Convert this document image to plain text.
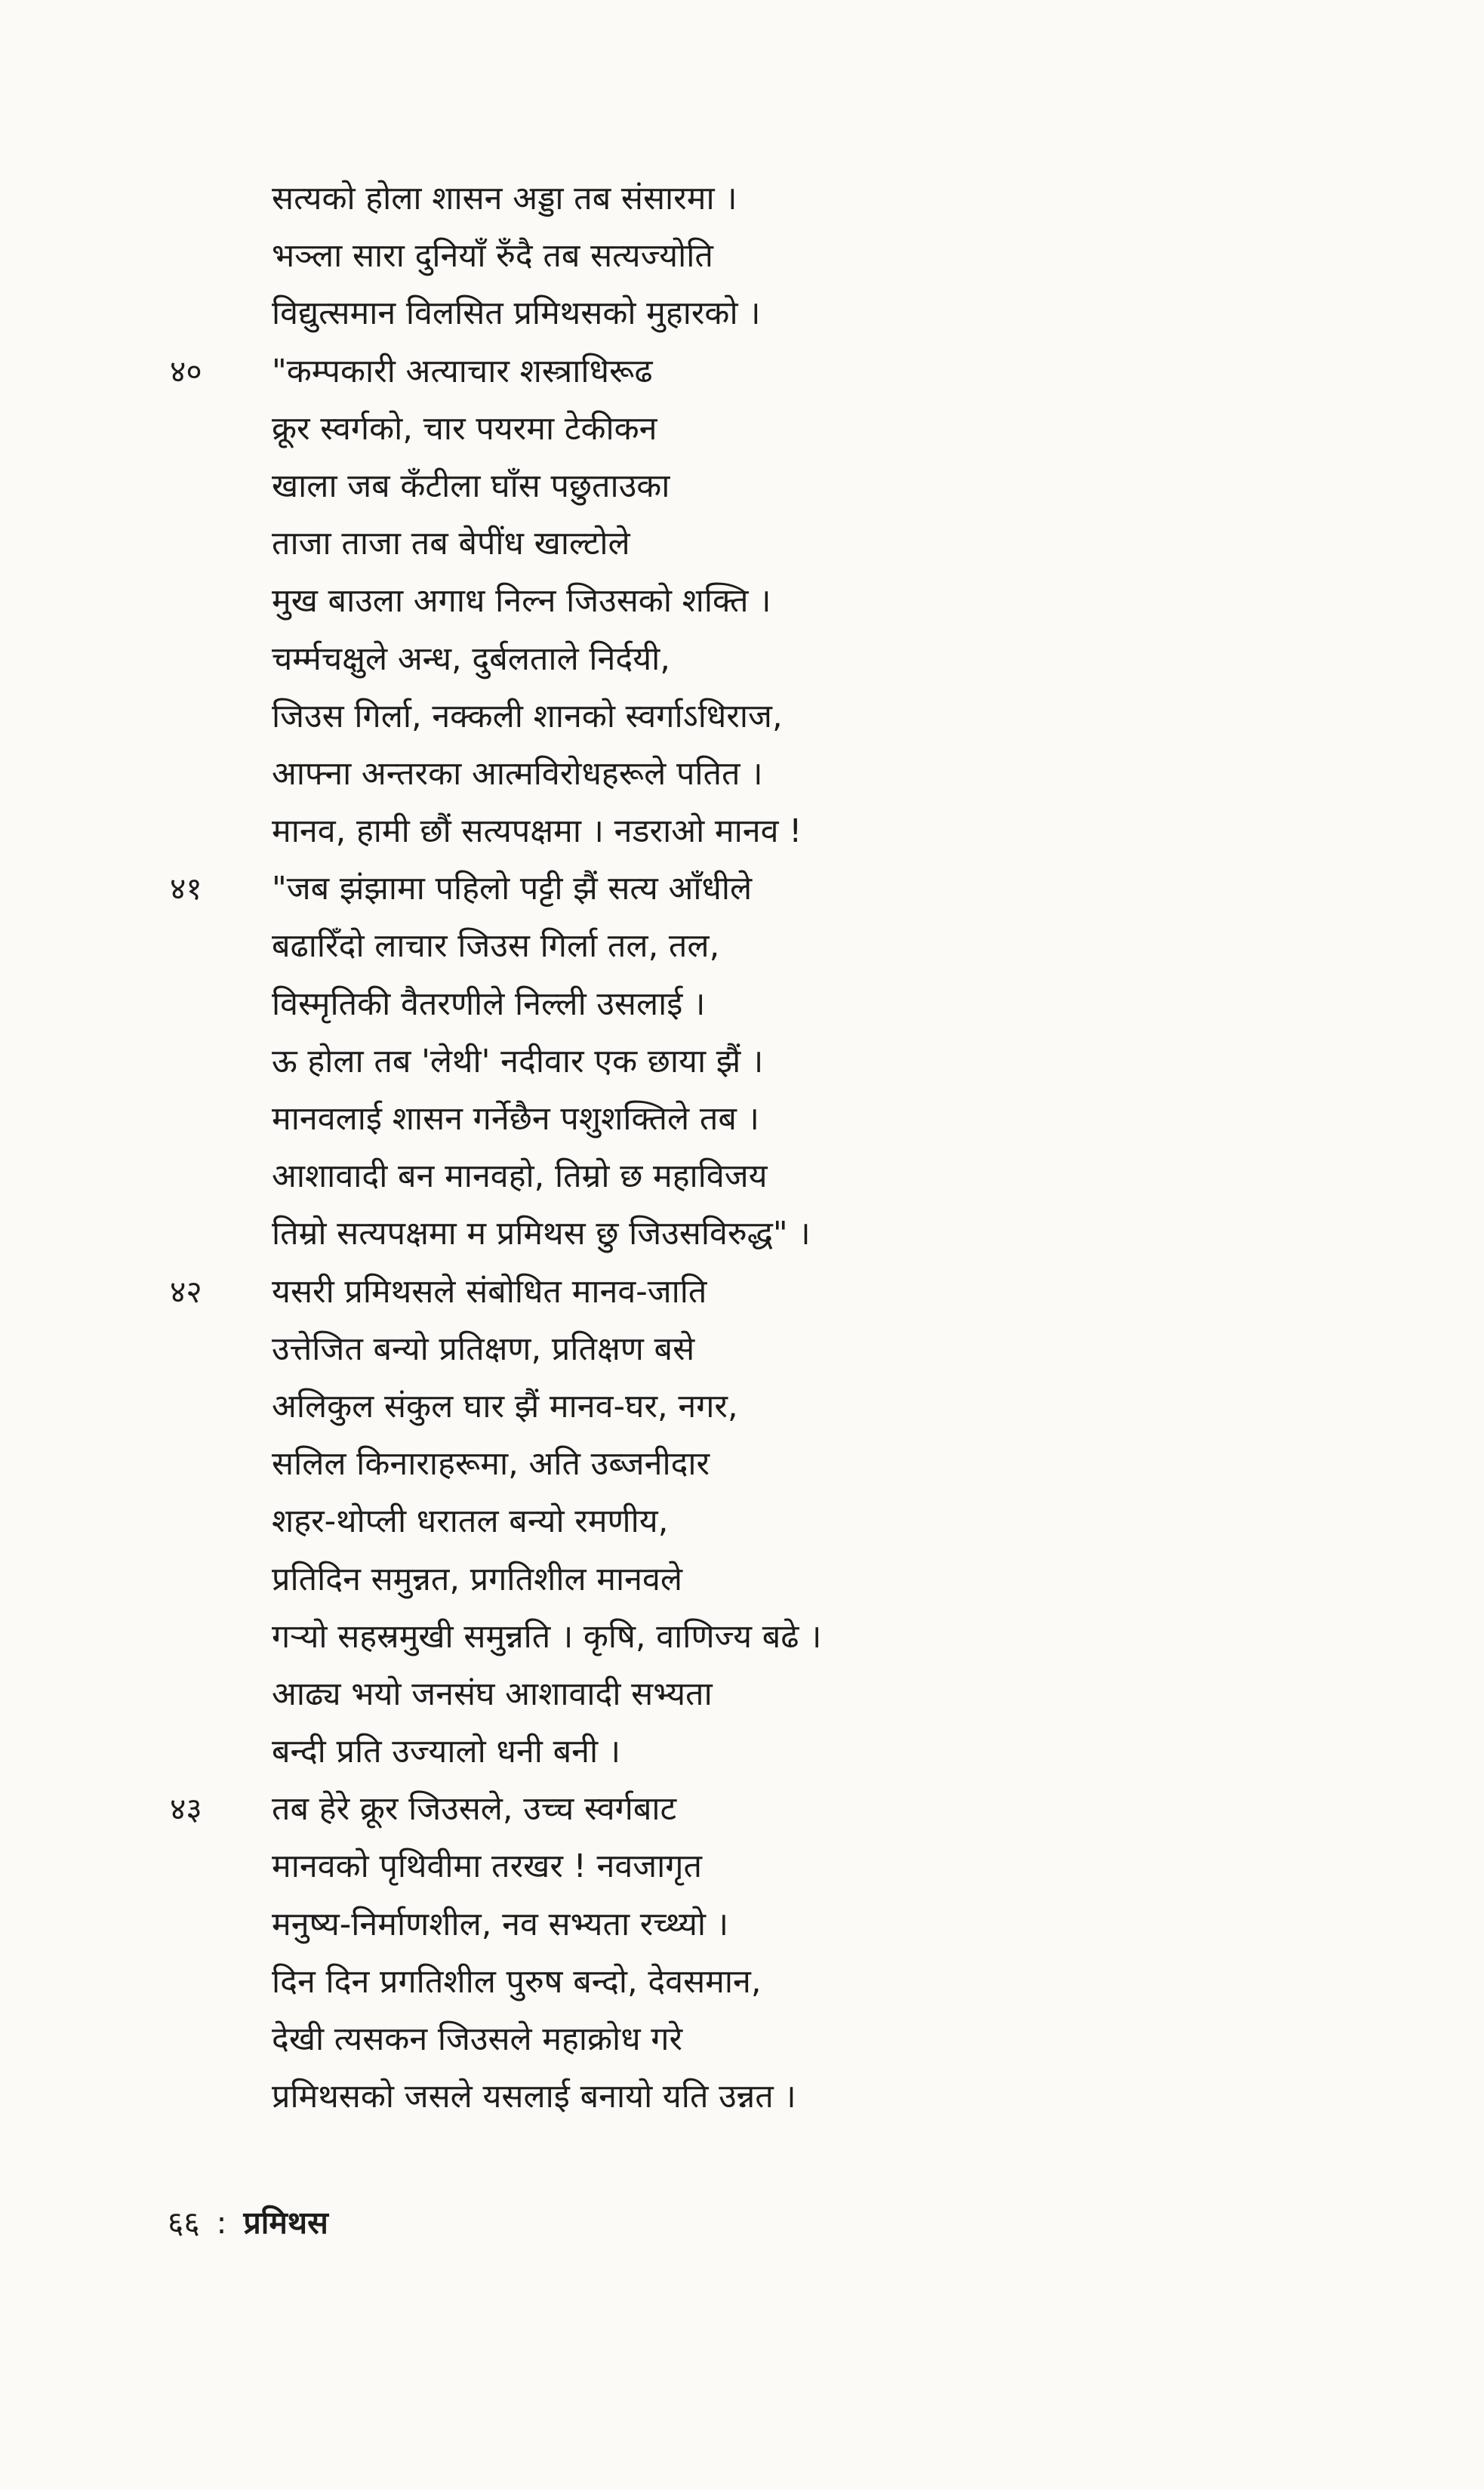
सत्यको होला शासन अड्डा तब संसारमा ।
भञ्ला सारा दुनियाँ रुँदै तब सत्यज्योति
विद्युत्समान विलसित प्रमिथसको मुहारको ।
४०	"कम्पकारी अत्याचार शस्त्राधिरूढ
क्रूर स्वर्गको, चार पयरमा टेकीकन
खाला जब कँटीला घाँस पछुताउका
ताजा ताजा तब बेपींध खाल्टोले
मुख बाउला अगाध निल्न जिउसको शक्ति ।
चर्म्मचक्षुले अन्ध, दुर्बलताले निर्दयी,
जिउस गिर्ला, नक्कली शानको स्वर्गाऽधिराज,
आफ्ना अन्तरका आत्मविरोधहरूले पतित ।
मानव, हामी छौं सत्यपक्षमा । नडराओ मानव !
४१	"जब झंझामा पहिलो पट्टी झैं सत्य आँधीले
बढारिँदो लाचार जिउस गिर्ला तल, तल,
विस्मृतिकी वैतरणीले निल्ली उसलाई ।
ऊ होला तब 'लेथी' नदीवार एक छाया झैं ।
मानवलाई शासन गर्नेछैन पशुशक्तिले तब ।
आशावादी बन मानवहो, तिम्रो छ महाविजय
तिम्रो सत्यपक्षमा म प्रमिथस छु जिउसविरुद्ध" ।
४२	यसरी प्रमिथसले संबोधित मानव-जाति
उत्तेजित बन्यो प्रतिक्षण, प्रतिक्षण बसे
अलिकुल संकुल घार झैं मानव-घर, नगर,
सलिल किनाराहरूमा, अति उब्जनीदार
शहर-थोप्ली धरातल बन्यो रमणीय,
प्रतिदिन समुन्नत, प्रगतिशील मानवले
गऱ्यो सहस्रमुखी समुन्नति । कृषि, वाणिज्य बढे ।
आढ्य भयो जनसंघ आशावादी सभ्यता
बन्दी प्रति उज्यालो धनी बनी ।
४३	तब हेरे क्रूर जिउसले, उच्च स्वर्गबाट
मानवको पृथिवीमा तरखर ! नवजागृत
मनुष्य-निर्माणशील, नव सभ्यता रच्थ्यो ।
दिन दिन प्रगतिशील पुरुष बन्दो, देवसमान,
देखी त्यसकन जिउसले महाक्रोध गरे
प्रमिथसको जसले यसलाई बनायो यति उन्नत ।
६६ : प्रमिथस
